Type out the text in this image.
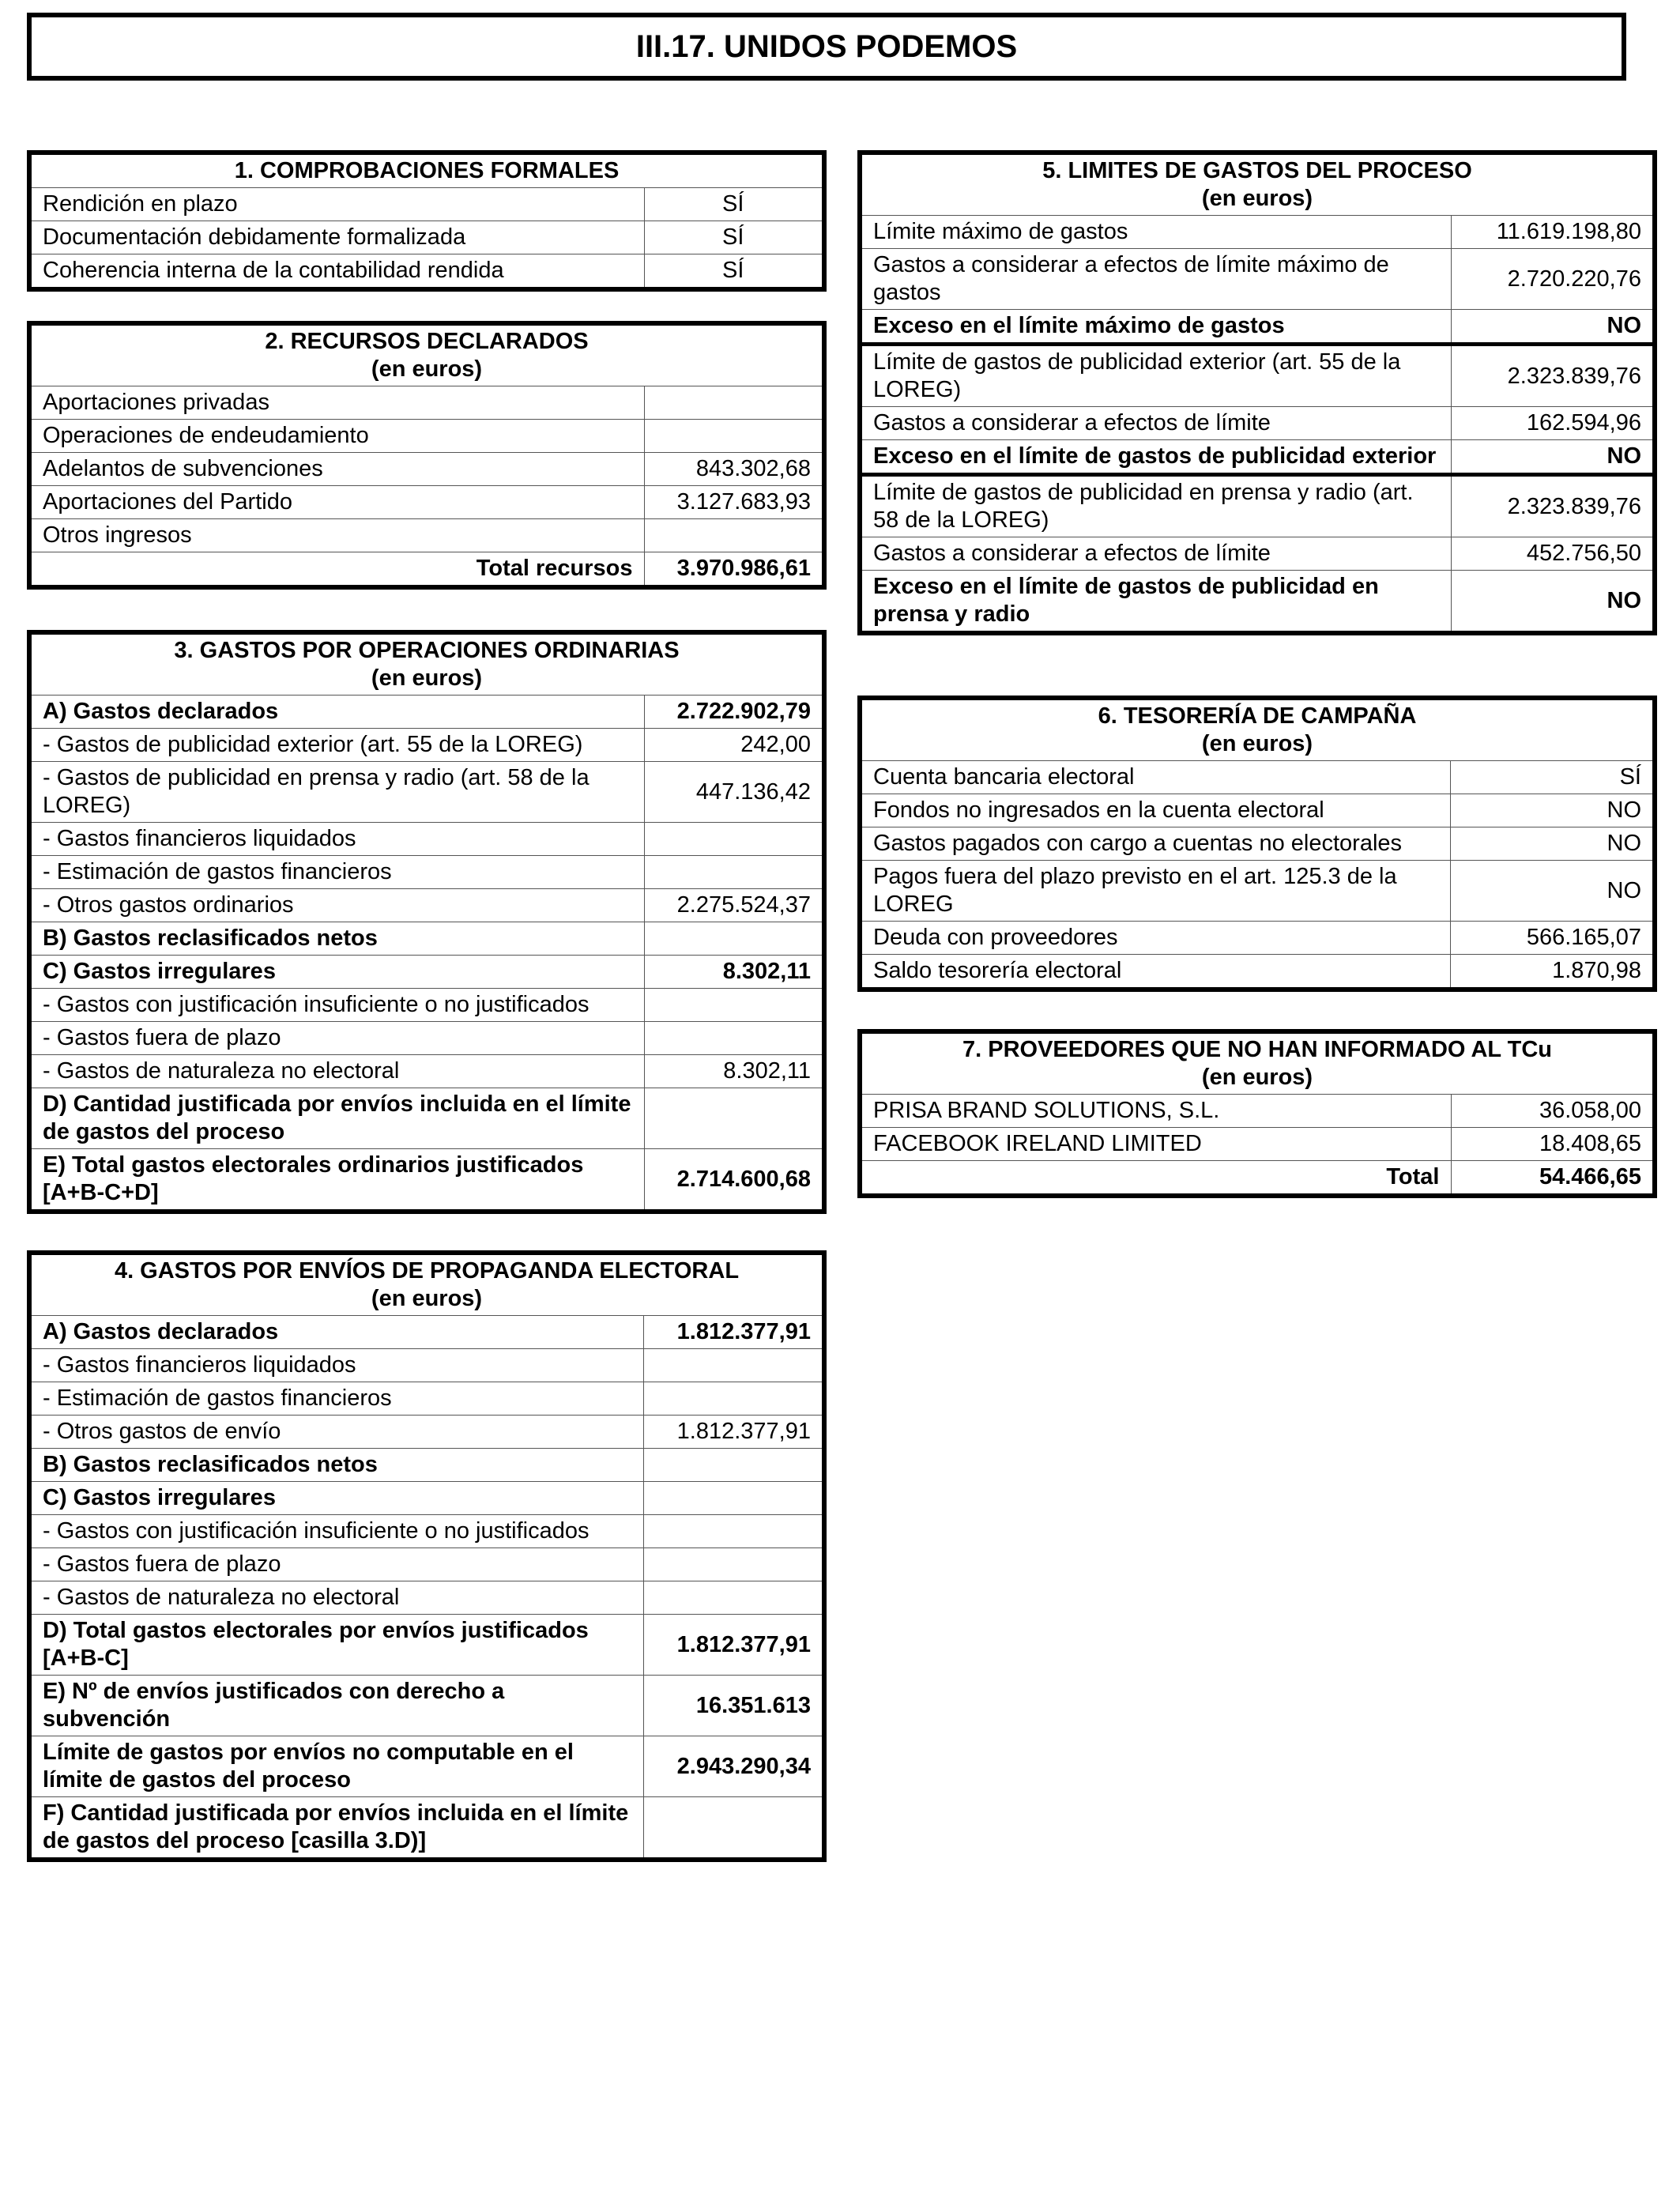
III.17. UNIDOS PODEMOS
1. COMPROBACIONES FORMALES	

Rendición en plazo	SÍ
Documentación debidamente formalizada	SÍ
Coherencia interna de la contabilidad rendida	SÍ
2. RECURSOS DECLARADOS
(en euros)	

Aportaciones privadas	
Operaciones de endeudamiento	
Adelantos de subvenciones	843.302,68
Aportaciones del Partido	3.127.683,93
Otros ingresos	
Total recursos	3.970.986,61
3. GASTOS POR OPERACIONES ORDINARIAS
(en euros)	

A) Gastos declarados	2.722.902,79
- Gastos de publicidad exterior (art. 55 de la LOREG)	242,00
- Gastos de publicidad en prensa y radio (art. 58 de la LOREG)	447.136,42
- Gastos financieros liquidados	
- Estimación de gastos financieros	
- Otros gastos ordinarios	2.275.524,37
B) Gastos reclasificados netos	
C) Gastos irregulares	8.302,11
- Gastos con justificación insuficiente o no justificados	
- Gastos fuera de plazo	
- Gastos de naturaleza no electoral	8.302,11
D) Cantidad justificada por envíos incluida en el límite de gastos del proceso	
E) Total gastos electorales ordinarios justificados [A+B-C+D]	2.714.600,68
4. GASTOS POR ENVÍOS DE PROPAGANDA ELECTORAL
(en euros)	

A) Gastos declarados	1.812.377,91
- Gastos financieros liquidados	
- Estimación de gastos financieros	
- Otros gastos de envío	1.812.377,91
B) Gastos reclasificados netos	
C) Gastos irregulares	
- Gastos con justificación insuficiente o no justificados	
- Gastos fuera de plazo	
- Gastos de naturaleza no electoral	
D) Total gastos electorales por envíos justificados [A+B-C]	1.812.377,91
E) Nº de envíos justificados con derecho a subvención	16.351.613
Límite de gastos por envíos no computable en el límite de gastos del proceso	2.943.290,34
F) Cantidad justificada por envíos incluida en el límite de gastos del proceso [casilla 3.D)]	
5. LIMITES DE GASTOS DEL PROCESO
(en euros)	

Límite máximo de gastos	11.619.198,80
Gastos a considerar a efectos de límite máximo de gastos	2.720.220,76
Exceso en el límite máximo de gastos	NO
Límite de gastos de publicidad exterior (art. 55 de la LOREG)	2.323.839,76
Gastos a considerar a efectos de límite	162.594,96
Exceso en el límite de gastos de publicidad exterior	NO
Límite de gastos de publicidad en prensa y radio (art. 58 de la LOREG)	2.323.839,76
Gastos a considerar a efectos de límite	452.756,50
Exceso en el límite de gastos de publicidad en prensa y radio	NO
6. TESORERÍA DE CAMPAÑA
(en euros)	

Cuenta bancaria electoral	SÍ
Fondos no ingresados en la cuenta electoral	NO
Gastos pagados con cargo a cuentas no electorales	NO
Pagos fuera del plazo previsto en el art. 125.3 de la LOREG	NO
Deuda con proveedores	566.165,07
Saldo tesorería electoral	1.870,98
7. PROVEEDORES QUE NO HAN INFORMADO AL TCu
(en euros)	

PRISA BRAND SOLUTIONS, S.L.	36.058,00
FACEBOOK IRELAND LIMITED	18.408,65
Total	54.466,65
